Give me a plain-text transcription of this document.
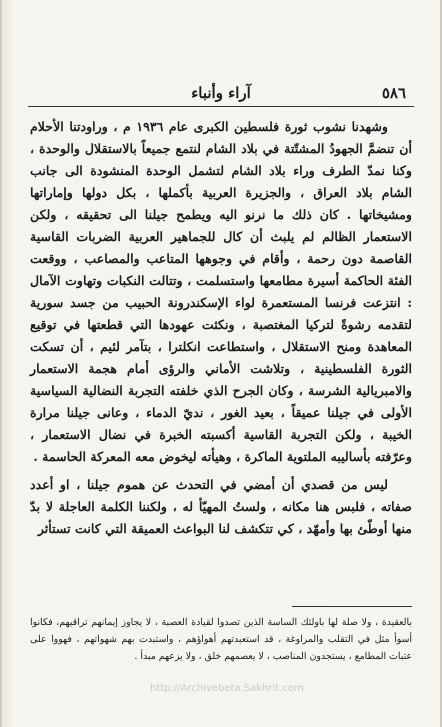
٥٨٦
آراء وأنباء

وشهدنا نشوب ثورة فلسطين الكبرى عام ١٩٣٦ م ، وراودتنا الأحلام أن تنضمَّ الجهودُ المشتّتة في بلاد الشام لنتمع جميعاً بالاستقلال والوحدة ، وكنا نمدّ الطرف وراء بلاد الشام لتشمل الوحدة المنشودة الى جانب الشام بلاد العراق ، والجزيرة العربية بأكملها ، بكل دولها وإماراتها ومشيخاتها . كان ذلك ما نرنو اليه ويطمح جيلنا الى تحقيقه ، ولكن الاستعمار الظالم لم يلبث أن كال للجماهير العربية الضربات القاسية القاصمة دون رحمة ، وأقام في وجوهها المتاعب والمصاعب ، ووقعت الفئة الحاكمة أسيرة مطامعها واستسلمت ، وتتالت النكبات وتهاوت الآمال : انتزعت فرنسا المستعمرة لواء الإسكندرونة الحبيب من جسد سورية لتقدمه رشوةً لتركيا المغتصبة ، ونكثت عهودها التي قطعتها في توقيع المعاهدة ومنح الاستقلال ، واستطاعت انكلترا ، بتآمر لئيم ، أن تسكت الثورة الفلسطينية ، وتلاشت الأماني والرؤى أمام هجمة الاستعمار والامبريالية الشرسة ، وكان الجرح الذي خلفته التجربة النضالية السياسية الأولى في جيلنا عميقاً ، بعيد الغور ، نديّ الدماء ، وعانى جيلنا مرارة الخيبة ، ولكن التجربة القاسية أكسبته الخبرة في نضال الاستعمار ، وعرّفته بأساليبه الملتوية الماكرة ، وهيأته ليخوض معه المعركة الحاسمة .

ليس من قصدي أن أمضي في التحدث عن هموم جيلنا ، او أعدد صفاته ، فلبس هنا مكانه ، ولستُ المهيّأ له ، ولكننا الكلمة العاجلة لا بدّ منها أوطّئ بها وأمهّد ، كي تتكشف لنا البواعث العميقة التي كانت تستأثر

بالعقيدة ، ولا صلة لها باولئك الساسة الذين تصدوا لقيادة العصبة ، لا يجاوز إيمانهم تراقيهم، فكانوا أسوأ مثل في التقلب والمراوغة ، قد استعبدتهم أهواؤهم ، واستبدت بهم شهواتهم ، فهووا على عتبات المطامع ، يستجدون المناصب ، لا يعصمهم خلق ، ولا يزعهم مبدأ .

http://Archivebeta.Sakhrit.com
